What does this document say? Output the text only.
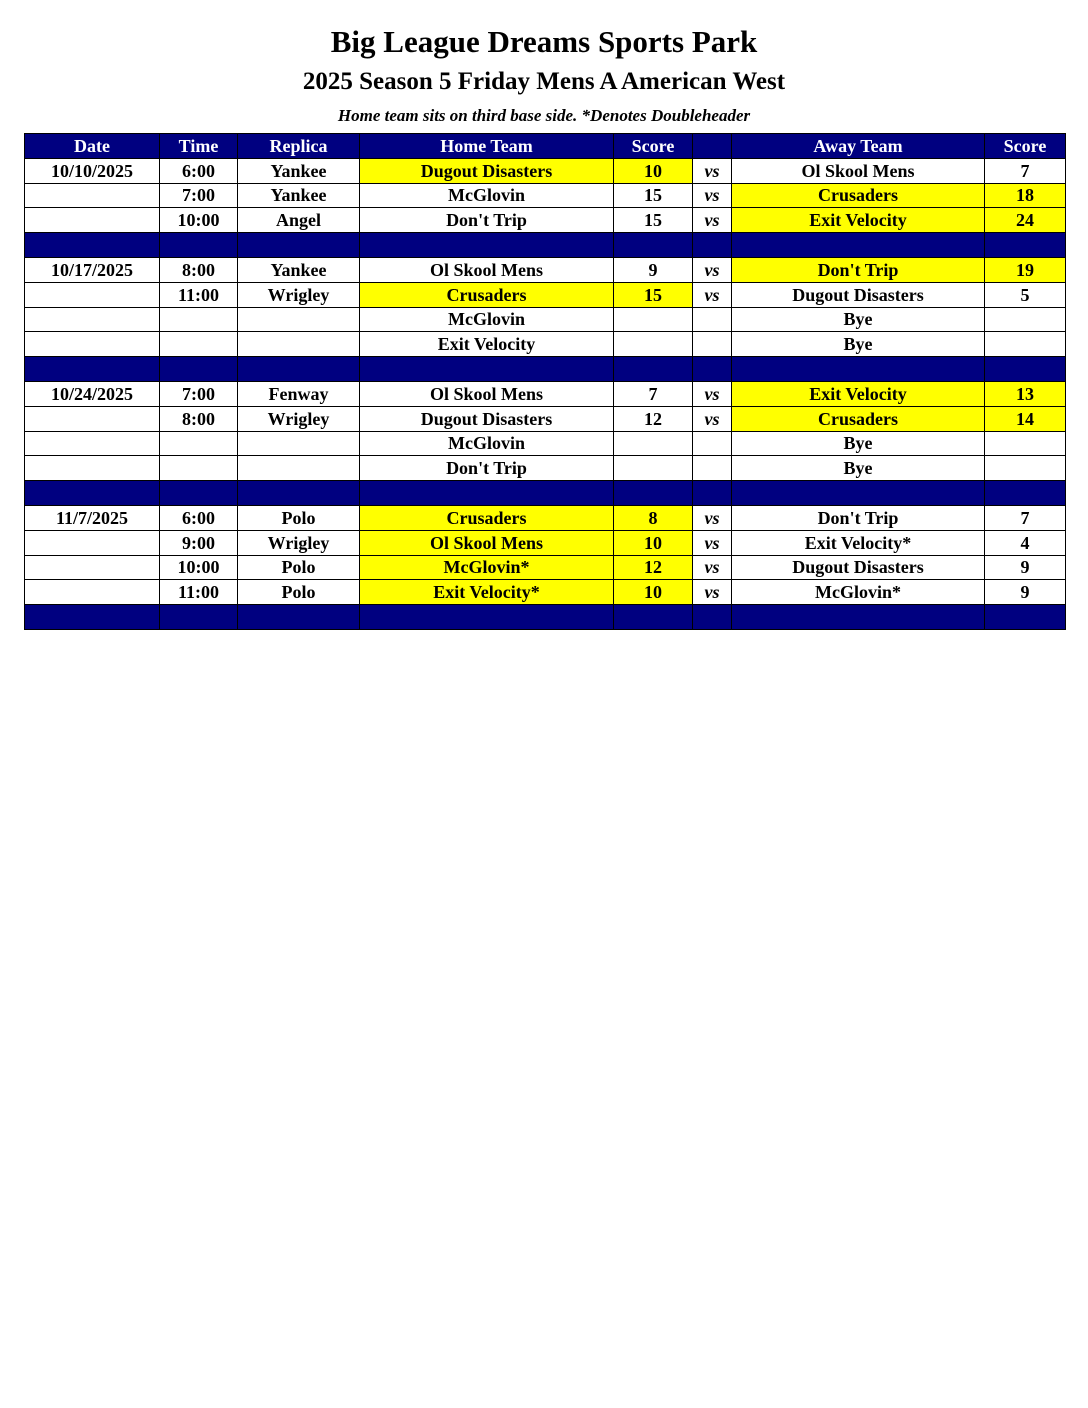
Big League Dreams Sports Park
2025 Season 5 Friday Mens A American West
Home team sits on third base side. *Denotes Doubleheader
Date	Time	Replica	Home Team	Score		Away Team	Score
10/10/2025	6:00	Yankee	Dugout Disasters	10	vs	Ol Skool Mens	7
	7:00	Yankee	McGlovin	15	vs	Crusaders	18
	10:00	Angel	Don't Trip	15	vs	Exit Velocity	24

10/17/2025	8:00	Yankee	Ol Skool Mens	9	vs	Don't Trip	19
	11:00	Wrigley	Crusaders	15	vs	Dugout Disasters	5
			McGlovin			Bye	
			Exit Velocity			Bye	

10/24/2025	7:00	Fenway	Ol Skool Mens	7	vs	Exit Velocity	13
	8:00	Wrigley	Dugout Disasters	12	vs	Crusaders	14
			McGlovin			Bye	
			Don't Trip			Bye	

11/7/2025	6:00	Polo	Crusaders	8	vs	Don't Trip	7
	9:00	Wrigley	Ol Skool Mens	10	vs	Exit Velocity*	4
	10:00	Polo	McGlovin*	12	vs	Dugout Disasters	9
	11:00	Polo	Exit Velocity*	10	vs	McGlovin*	9
